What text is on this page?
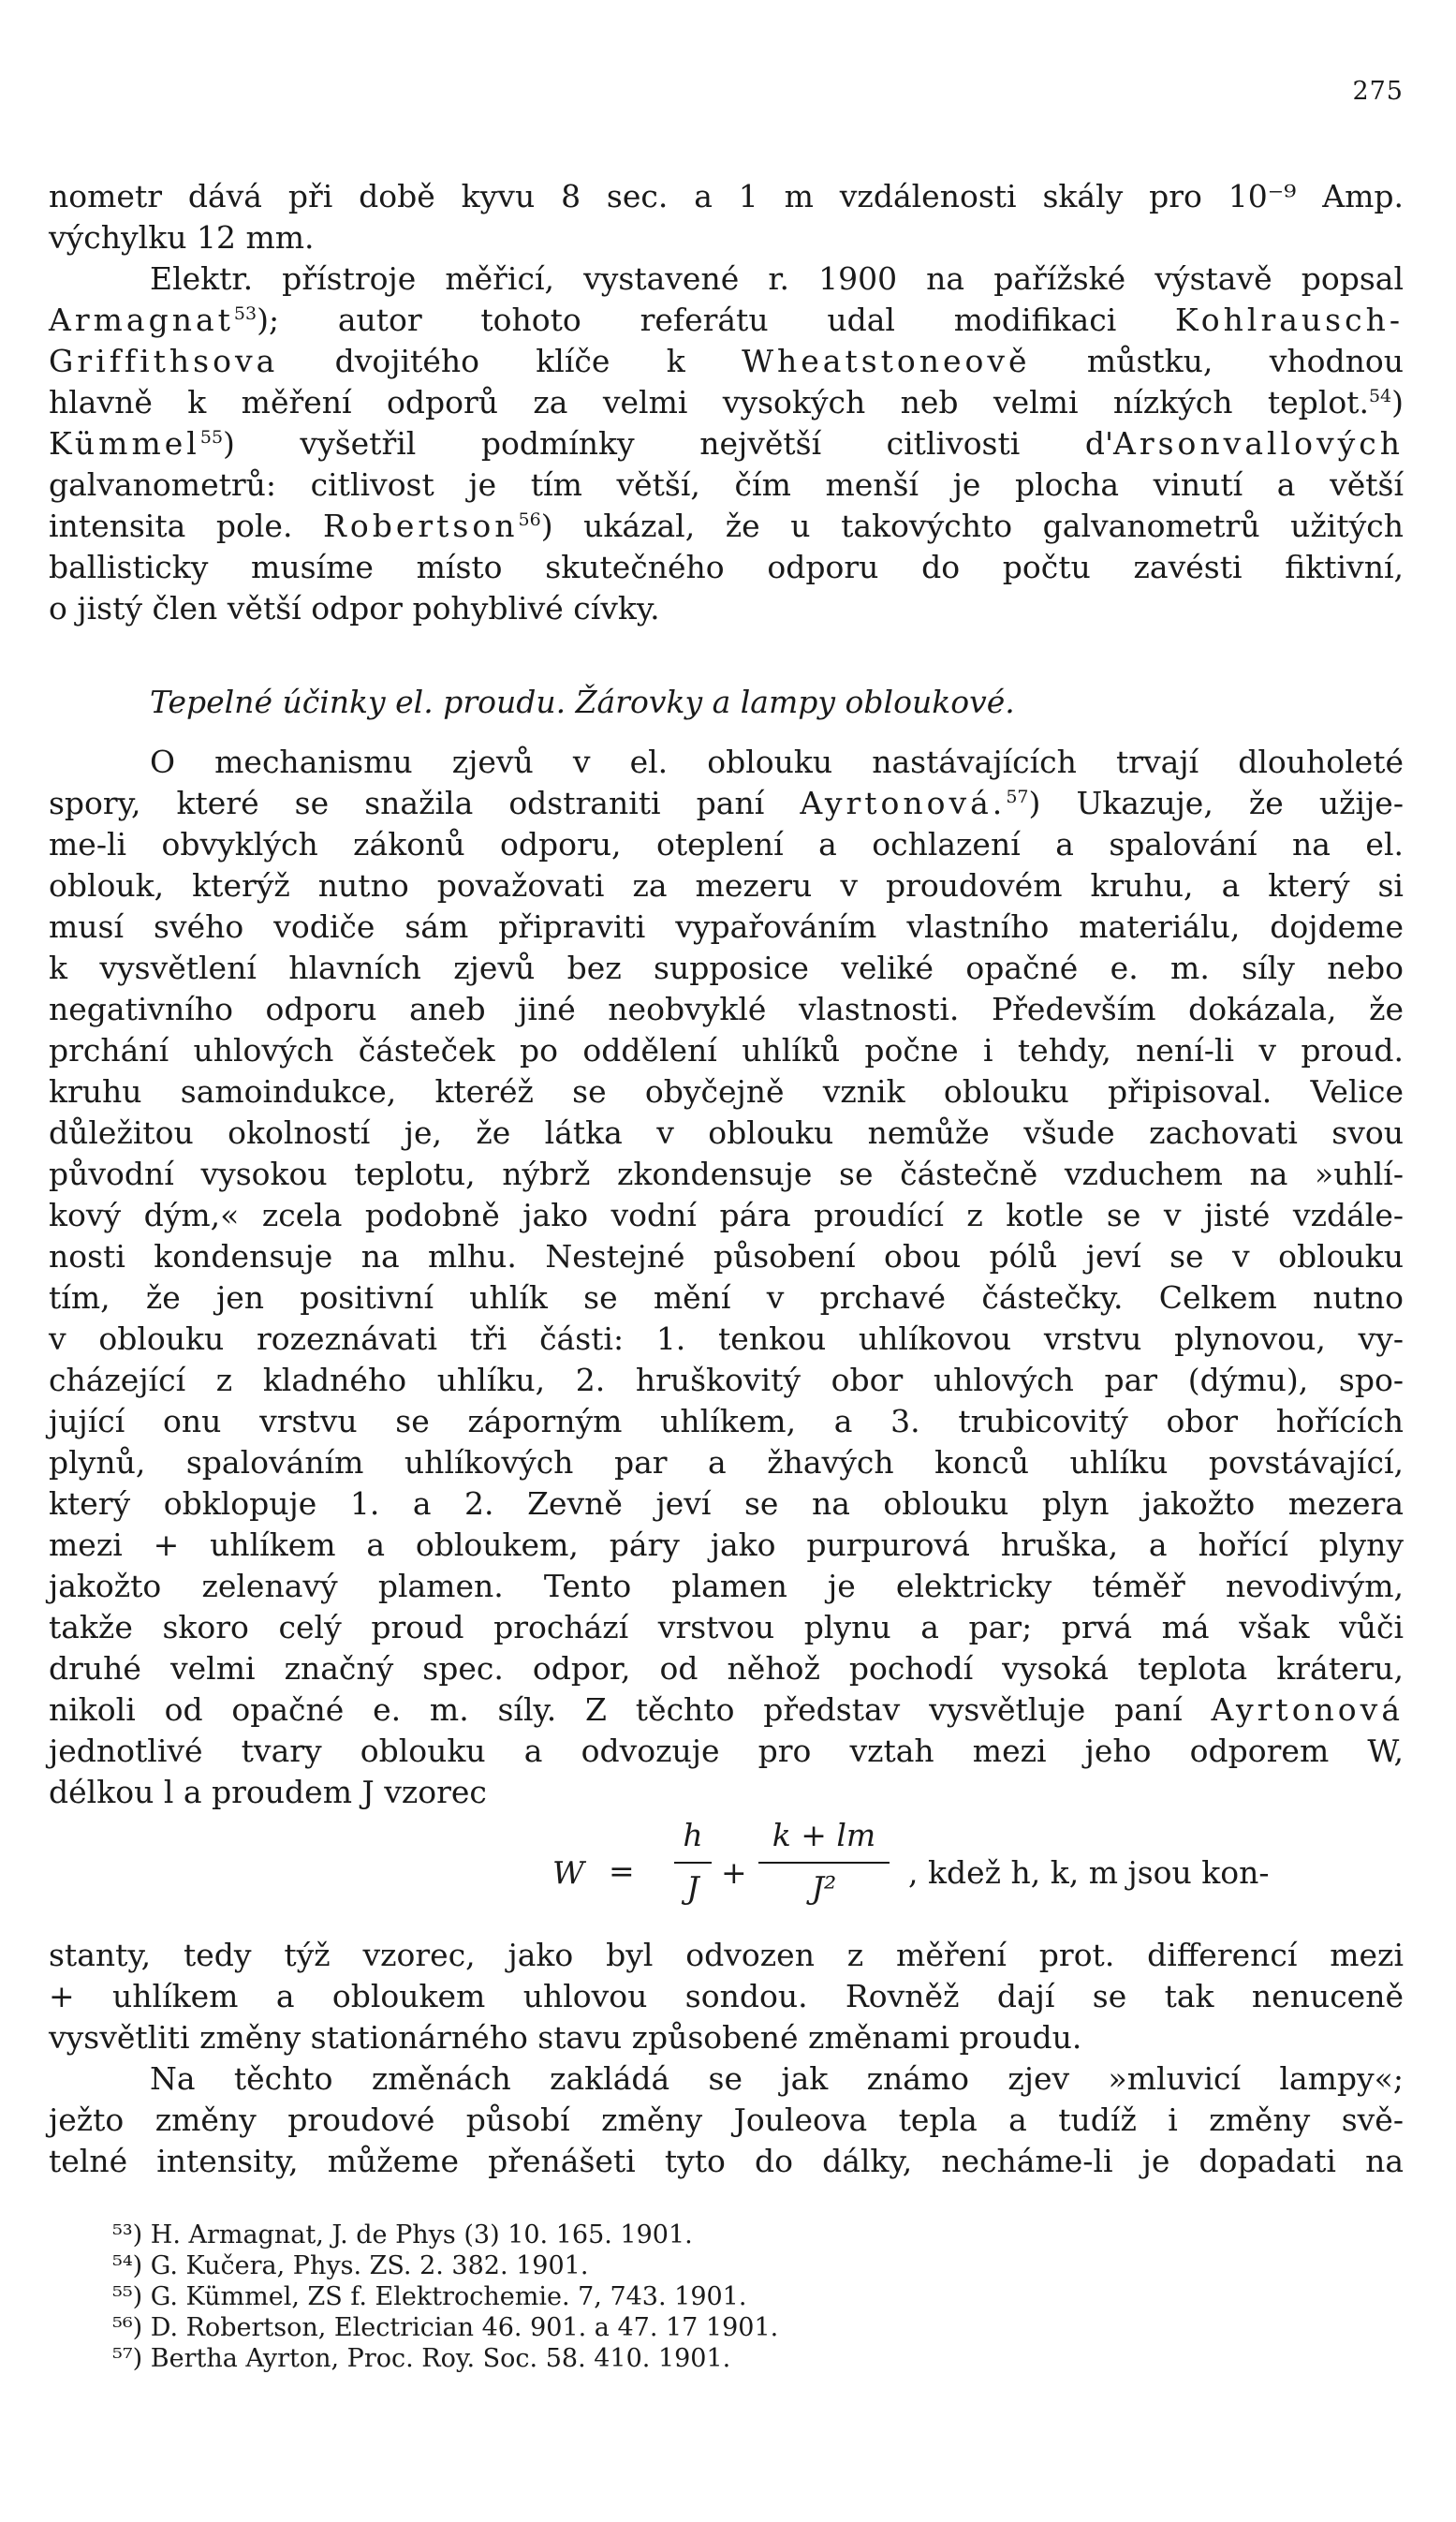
275
nometr dává při době kyvu 8 sec. a 1 m vzdálenosti skály pro 10⁻⁹ Amp.
výchylku 12 mm.
Elektr. přístroje měřicí, vystavené r. 1900 na pařížské výstavě popsal
Armagnat$^{53}$); autor tohoto referátu udal modifikaci Kohlrausch-
Griffithsova dvojitého klíče k Wheatstoneově můstku, vhodnou
hlavně k měření odporů za velmi vysokých neb velmi nízkých teplot.$^{54}$)
Kümmel$^{55}$) vyšetřil podmínky největší citlivosti d'Arsonvallových
galvanometrů: citlivost je tím větší, čím menší je plocha vinutí a větší
intensita pole. Robertson$^{56}$) ukázal, že u takovýchto galvanometrů užitých
ballisticky musíme místo skutečného odporu do počtu zavésti fiktivní,
o jistý člen větší odpor pohyblivé cívky.
Tepelné účinky el. proudu. Žárovky a lampy obloukové.
O mechanismu zjevů v el. oblouku nastávajících trvají dlouholeté
spory, které se snažila odstraniti paní Ayrtonová.$^{57}$) Ukazuje, že užije-
me-li obvyklých zákonů odporu, oteplení a ochlazení a spalování na el.
oblouk, kterýž nutno považovati za mezeru v proudovém kruhu, a který si
musí svého vodiče sám připraviti vypařováním vlastního materiálu, dojdeme
k vysvětlení hlavních zjevů bez supposice veliké opačné e. m. síly nebo
negativního odporu aneb jiné neobvyklé vlastnosti. Především dokázala, že
prchání uhlových částeček po oddělení uhlíků počne i tehdy, není-li v proud.
kruhu samoindukce, kteréž se obyčejně vznik oblouku připisoval. Velice
důležitou okolností je, že látka v oblouku nemůže všude zachovati svou
původní vysokou teplotu, nýbrž zkondensuje se částečně vzduchem na »uhlí-
kový dým,« zcela podobně jako vodní pára proudící z kotle se v jisté vzdále-
nosti kondensuje na mlhu. Nestejné působení obou pólů jeví se v oblouku
tím, že jen positivní uhlík se mění v prchavé částečky. Celkem nutno
v oblouku rozeznávati tři části: 1. tenkou uhlíkovou vrstvu plynovou, vy-
cházející z kladného uhlíku, 2. hruškovitý obor uhlových par (dýmu), spo-
jující onu vrstvu se záporným uhlíkem, a 3. trubicovitý obor hořících
plynů, spalováním uhlíkových par a žhavých konců uhlíku povstávající,
který obklopuje 1. a 2. Zevně jeví se na oblouku plyn jakožto mezera
mezi + uhlíkem a obloukem, páry jako purpurová hruška, a hořící plyny
jakožto zelenavý plamen. Tento plamen je elektricky téměř nevodivým,
takže skoro celý proud prochází vrstvou plynu a par; prvá má však vůči
druhé velmi značný spec. odpor, od něhož pochodí vysoká teplota kráteru,
nikoli od opačné e. m. síly. Z těchto představ vysvětluje paní Ayrtonová
jednotlivé tvary oblouku a odvozuje pro vztah mezi jeho odporem W,
délkou l a proudem J vzorec
W =
h
J +
k + lm
J²	, kdež h, k, m jsou kon-
stanty, tedy týž vzorec, jako byl odvozen z měření prot. differencí mezi
+ uhlíkem a obloukem uhlovou sondou. Rovněž dají se tak nenuceně
vysvětliti změny stationárného stavu způsobené změnami proudu.
Na těchto změnách zakládá se jak známo zjev »mluvicí lampy«;
ježto změny proudové působí změny Jouleova tepla a tudíž i změny svě-
telné intensity, můžeme přenášeti tyto do dálky, necháme-li je dopadati na
⁵³) H. Armagnat, J. de Phys (3) 10. 165. 1901.
⁵⁴) G. Kučera, Phys. ZS. 2. 382. 1901.
⁵⁵) G. Kümmel, ZS f. Elektrochemie. 7, 743. 1901.
⁵⁶) D. Robertson, Electrician 46. 901. a 47. 17 1901.
⁵⁷) Bertha Ayrton, Proc. Roy. Soc. 58. 410. 1901.
